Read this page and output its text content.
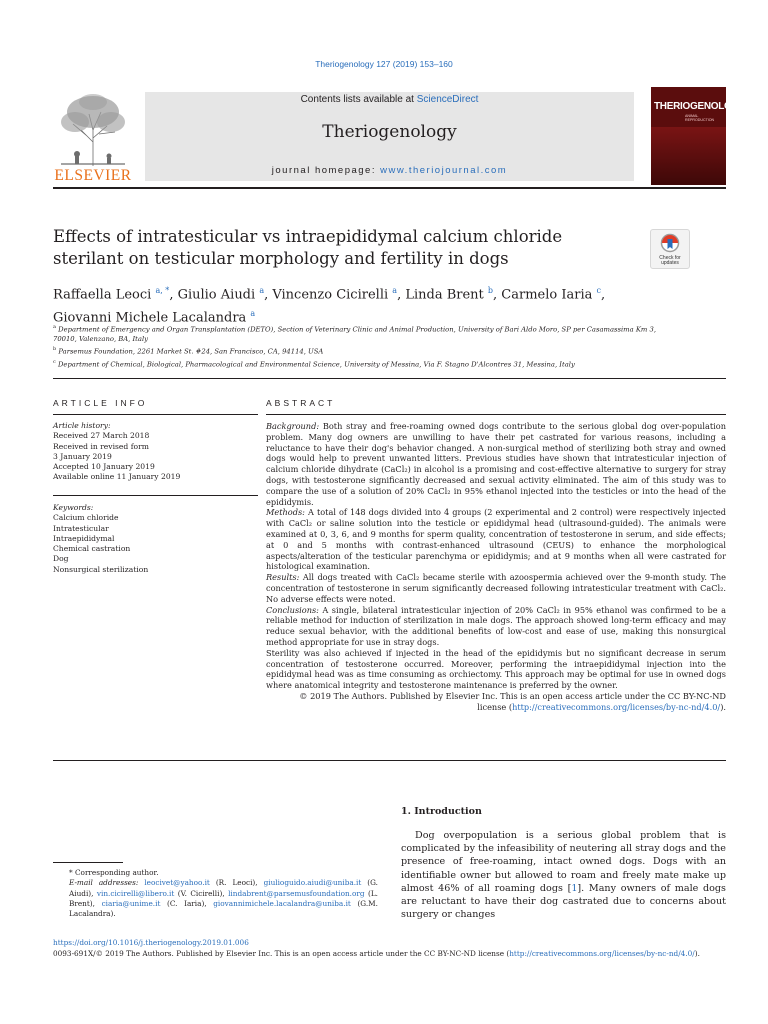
Theriogenology 127 (2019) 153–160
ELSEVIER
Contents lists available at ScienceDirect
Theriogenology
journal homepage: www.theriojournal.com
THERIOGENOLOGY
ANIMAL REPRODUCTION
Effects of intratesticular vs intraepididymal calcium chloride sterilant on testicular morphology and fertility in dogs	Check for updates
Raffaella Leoci $^{a, *}$, Giulio Aiudi $^a$, Vincenzo Cicirelli $^a$, Linda Brent $^b$, Carmelo Iaria $^c$,
Giovanni Michele Lacalandra $^a$
$^a$ Department of Emergency and Organ Transplantation (DETO), Section of Veterinary Clinic and Animal Production, University of Bari Aldo Moro, SP per Casamassima Km 3, 70010, Valenzano, BA, Italy
$^b$ Parsemus Foundation, 2261 Market St. #24, San Francisco, CA, 94114, USA
$^c$ Department of Chemical, Biological, Pharmacological and Environmental Science, University of Messina, Via F. Stagno D'Alcontres 31, Messina, Italy
ARTICLE INFO
Article history:
Received 27 March 2018
Received in revised form
3 January 2019
Accepted 10 January 2019
Available online 11 January 2019
Keywords:
Calcium chloride
Intratesticular
Intraepididymal
Chemical castration
Dog
Nonsurgical sterilization
ABSTRACT

Background: Both stray and free-roaming owned dogs contribute to the serious global dog over-population problem. Many dog owners are unwilling to have their pet castrated for various reasons, including a reluctance to have their dog's behavior changed. A non-surgical method of sterilizing both stray and owned dogs would help to prevent unwanted litters. Previous studies have shown that intratesticular injection of calcium chloride dihydrate (CaCl₂) in alcohol is a promising and cost-effective alternative to surgery for stray dogs, with testosterone significantly decreased and sexual activity eliminated. The aim of this study was to compare the use of a solution of 20% CaCl₂ in 95% ethanol injected into the testicles or into the head of the epididymis.

Methods: A total of 148 dogs divided into 4 groups (2 experimental and 2 control) were respectively injected with CaCl₂ or saline solution into the testicle or epididymal head (ultrasound-guided). The animals were examined at 0, 3, 6, and 9 months for sperm quality, concentration of testosterone in serum, and side effects; at 0 and 5 months with contrast-enhanced ultrasound (CEUS) to enhance the morphological aspects/alteration of the testicular parenchyma or epididymis; and at 9 months when all were castrated for histological examination.

Results: All dogs treated with CaCl₂ became sterile with azoospermia achieved over the 9-month study. The concentration of testosterone in serum significantly decreased following intratesticular treatment with CaCl₂. No adverse effects were noted.

Conclusions: A single, bilateral intratesticular injection of 20% CaCl₂ in 95% ethanol was confirmed to be a reliable method for induction of sterilization in male dogs. The approach showed long-term efficacy and may reduce sexual behavior, with the additional benefits of low-cost and ease of use, making this nonsurgical method appropriate for use in stray dogs.

Sterility was also achieved if injected in the head of the epididymis but no significant decrease in serum concentration of testosterone occurred. Moreover, performing the intraepididymal injection into the epididymal head was as time consuming as orchiectomy. This approach may be optimal for use in owned dogs where anatomical integrity and testosterone maintenance is preferred by the owner.

© 2019 The Authors. Published by Elsevier Inc. This is an open access article under the CC BY-NC-ND
license (http://creativecommons.org/licenses/by-nc-nd/4.0/).

1. Introduction
Dog overpopulation is a serious global problem that is complicated by the infeasibility of neutering all stray dogs and the presence of free-roaming, intact owned dogs. Dogs with an identifiable owner but allowed to roam and freely mate make up almost 46% of all roaming dogs [1]. Many owners of male dogs are reluctant to have their dog castrated due to concerns about surgery or changes
* Corresponding author.
E-mail addresses: leocivet@yahoo.it (R. Leoci), giulioguido.aiudi@uniba.it (G. Aiudi), vin.cicirelli@libero.it (V. Cicirelli), lindabrent@parsemusfoundation.org (L. Brent), ciaria@unime.it (C. Iaria), giovannimichele.lacalandra@uniba.it (G.M. Lacalandra).
https://doi.org/10.1016/j.theriogenology.2019.01.006
0093-691X/© 2019 The Authors. Published by Elsevier Inc. This is an open access article under the CC BY-NC-ND license (http://creativecommons.org/licenses/by-nc-nd/4.0/).
